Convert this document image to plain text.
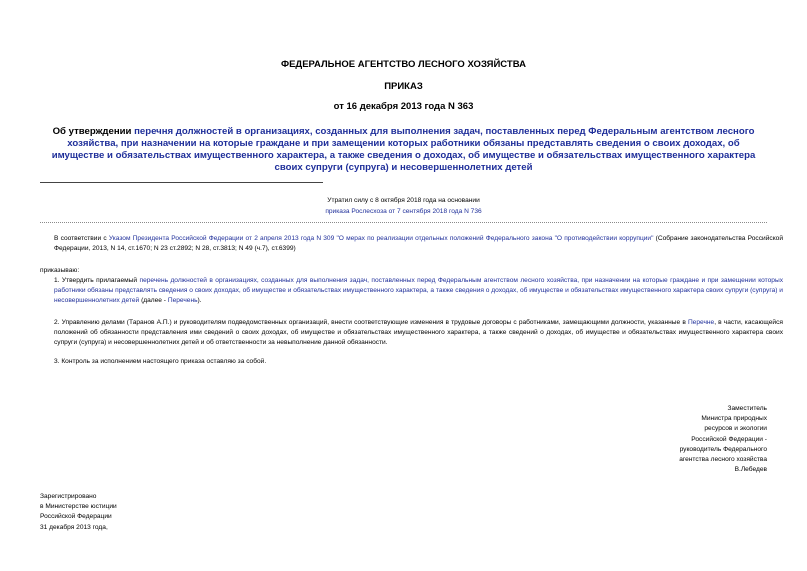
ФЕДЕРАЛЬНОЕ АГЕНТСТВО ЛЕСНОГО ХОЗЯЙСТВА
ПРИКАЗ
от 16 декабря 2013 года N 363
Об утверждении перечня должностей в организациях, созданных для выполнения задач, поставленных перед Федеральным агентством лесного хозяйства, при назначении на которые граждане и при замещении которых работники обязаны представлять сведения о своих доходах, об имуществе и обязательствах имущественного характера, а также сведения о доходах, об имуществе и обязательствах имущественного характера своих супруги (супруга) и несовершеннолетних детей
Утратил силу с 8 октября 2018 года на основании
приказа Рослесхоза от 7 сентября 2018 года N 736
В соответствии с Указом Президента Российской Федерации от 2 апреля 2013 года N 309 "О мерах по реализации отдельных положений Федерального закона "О противодействии коррупции" (Собрание законодательства Российской Федерации, 2013, N 14, ст.1670; N 23 ст.2892; N 28, ст.3813; N 49 (ч.7), ст.6399)
приказываю:
1. Утвердить прилагаемый перечень должностей в организациях, созданных для выполнения задач, поставленных перед Федеральным агентством лесного хозяйства, при назначении на которые граждане и при замещении которых работники обязаны представлять сведения о своих доходах, об имуществе и обязательствах имущественного характера, а также сведения о доходах, об имуществе и обязательствах имущественного характера своих супруги (супруга) и несовершеннолетних детей (далее - Перечень).
2. Управлению делами (Таранов А.П.) и руководителям подведомственных организаций, внести соответствующие изменения в трудовые договоры с работниками, замещающими должности, указанные в Перечне, в части, касающейся положений об обязанности представления ими сведений о своих доходах, об имуществе и обязательствах имущественного характера, а также сведений о доходах, об имуществе и обязательствах имущественного характера своих супруги (супруга) и несовершеннолетних детей и об ответственности за невыполнение данной обязанности.
3. Контроль за исполнением настоящего приказа оставляю за собой.
Заместитель
Министра природных
ресурсов и экологии
Российской Федерации -
руководитель Федерального
агентства лесного хозяйства
В.Лебедев
Зарегистрировано
в Министерстве юстиции
Российской Федерации
31 декабря 2013 года,
